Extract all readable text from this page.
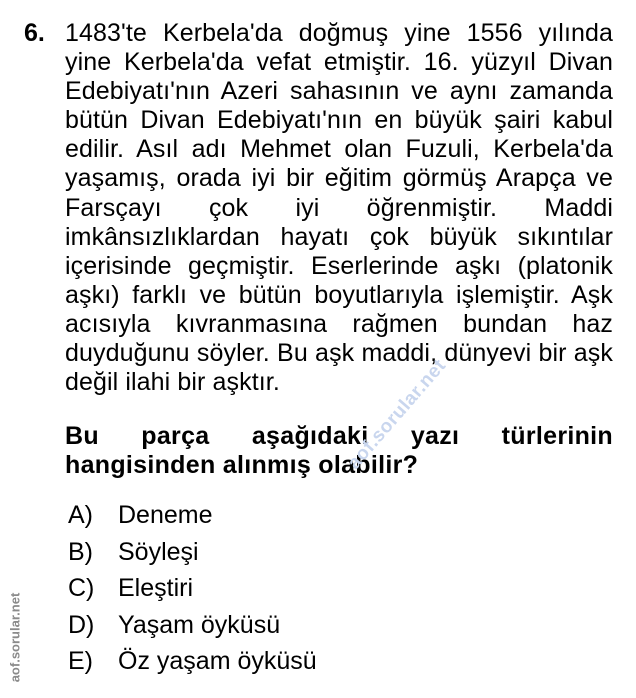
6. 1483'te Kerbela'da doğmuş yine 1556 yılında yine Kerbela'da vefat etmiştir. 16. yüzyıl Divan Edebiyatı'nın Azeri sahasının ve aynı zamanda bütün Divan Edebiyatı'nın en büyük şairi kabul edilir. Asıl adı Mehmet olan Fuzuli, Kerbela'da yaşamış, orada iyi bir eğitim görmüş Arapça ve Farsçayı çok iyi öğrenmiştir. Maddi imkânsızlıklardan hayatı çok büyük sıkıntılar içerisinde geçmiştir. Eserlerinde aşkı (platonik aşkı) farklı ve bütün boyutlarıyla işlemiştir. Aşk acısıyla kıvranmasına rağmen bundan haz duyduğunu söyler. Bu aşk maddi, dünyevi bir aşk değil ilahi bir aşktır.

Bu parça aşağıdaki yazı türlerinin hangisinden alınmış olabilir?

A)	Deneme
B)	Söyleşi
C) Eleştiri
D) Yaşam öyküsü
E)	Öz yaşam öyküsü
aof.sorular.net
aof.sorular.net
